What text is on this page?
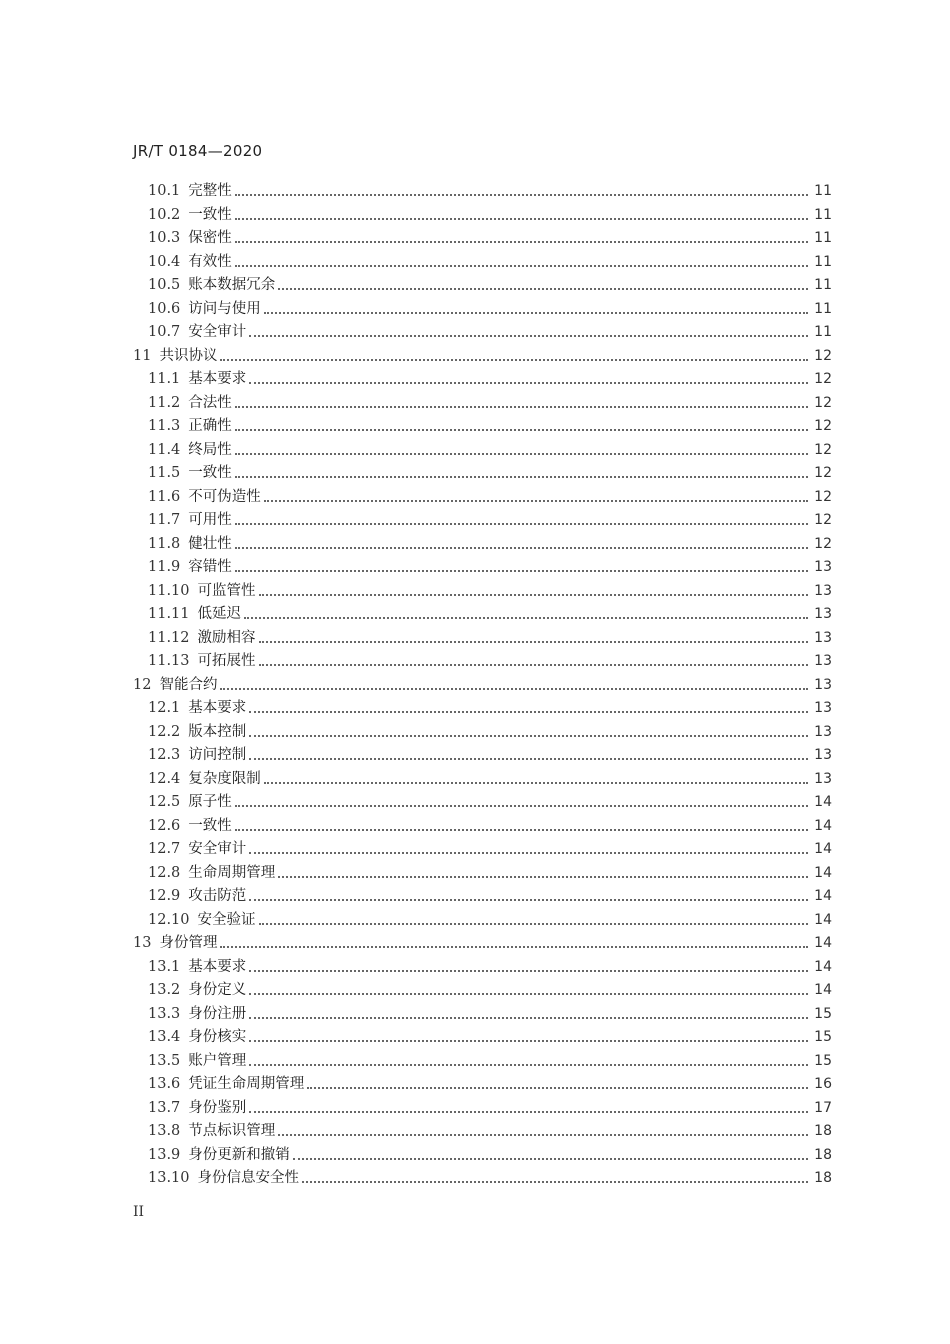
JR/T 0184—2020
10.1 完整性	11
10.2 一致性	11
10.3 保密性	11
10.4 有效性	11
10.5 账本数据冗余	11
10.6 访问与使用	11
10.7 安全审计	11
11 共识协议	12
11.1 基本要求	12
11.2 合法性	12
11.3 正确性	12
11.4 终局性	12
11.5 一致性	12
11.6 不可伪造性	12
11.7 可用性	12
11.8 健壮性	12
11.9 容错性	13
11.10 可监管性	13
11.11 低延迟	13
11.12 激励相容	13
11.13 可拓展性	13
12 智能合约	13
12.1 基本要求	13
12.2 版本控制	13
12.3 访问控制	13
12.4 复杂度限制	13
12.5 原子性	14
12.6 一致性	14
12.7 安全审计	14
12.8 生命周期管理	14
12.9 攻击防范	14
12.10 安全验证	14
13 身份管理	14
13.1 基本要求	14
13.2 身份定义	14
13.3 身份注册	15
13.4 身份核实	15
13.5 账户管理	15
13.6 凭证生命周期管理	16
13.7 身份鉴别	17
13.8 节点标识管理	18
13.9 身份更新和撤销	18
13.10 身份信息安全性	18
II
